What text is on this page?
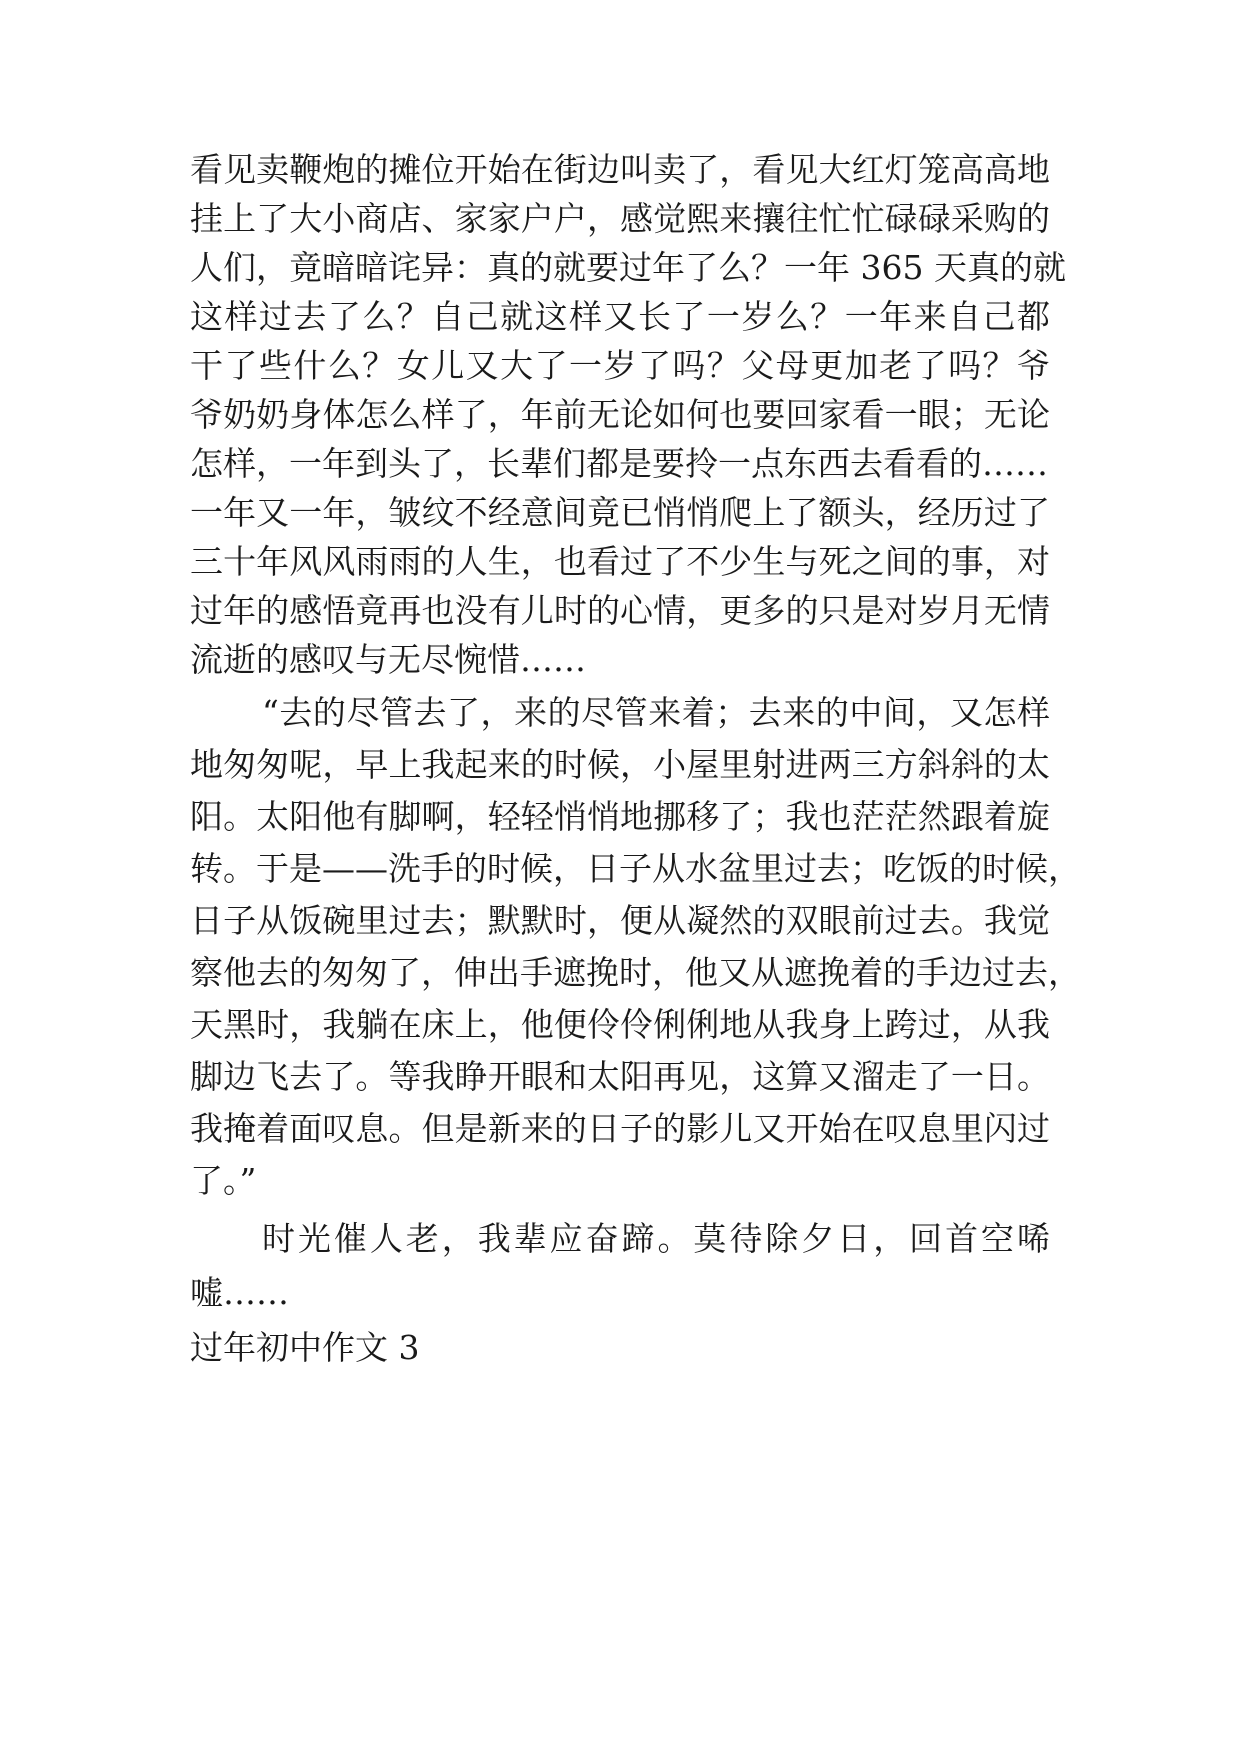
看见卖鞭炮的摊位开始在街边叫卖了，看见大红灯笼高高地
挂上了大小商店、家家户户，感觉熙来攘往忙忙碌碌采购的
人们，竟暗暗诧异：真的就要过年了么？一年 365 天真的就
这样过去了么？自己就这样又长了一岁么？一年来自己都
干了些什么？女儿又大了一岁了吗？父母更加老了吗？爷
爷奶奶身体怎么样了，年前无论如何也要回家看一眼；无论
怎样，一年到头了，长辈们都是要拎一点东西去看看的……
一年又一年，皱纹不经意间竟已悄悄爬上了额头，经历过了
三十年风风雨雨的人生，也看过了不少生与死之间的事，对
过年的感悟竟再也没有儿时的心情，更多的只是对岁月无情
流逝的感叹与无尽惋惜……
“去的尽管去了，来的尽管来着；去来的中间，又怎样
地匆匆呢，早上我起来的时候，小屋里射进两三方斜斜的太
阳。太阳他有脚啊，轻轻悄悄地挪移了；我也茫茫然跟着旋
转。于是——洗手的时候，日子从水盆里过去；吃饭的时候，
日子从饭碗里过去；默默时，便从凝然的双眼前过去。我觉
察他去的匆匆了，伸出手遮挽时，他又从遮挽着的手边过去，
天黑时，我躺在床上，他便伶伶俐俐地从我身上跨过，从我
脚边飞去了。等我睁开眼和太阳再见，这算又溜走了一日。
我掩着面叹息。但是新来的日子的影儿又开始在叹息里闪过
了。”
时光催人老，我辈应奋蹄。莫待除夕日，回首空唏
嘘……
过年初中作文 3
